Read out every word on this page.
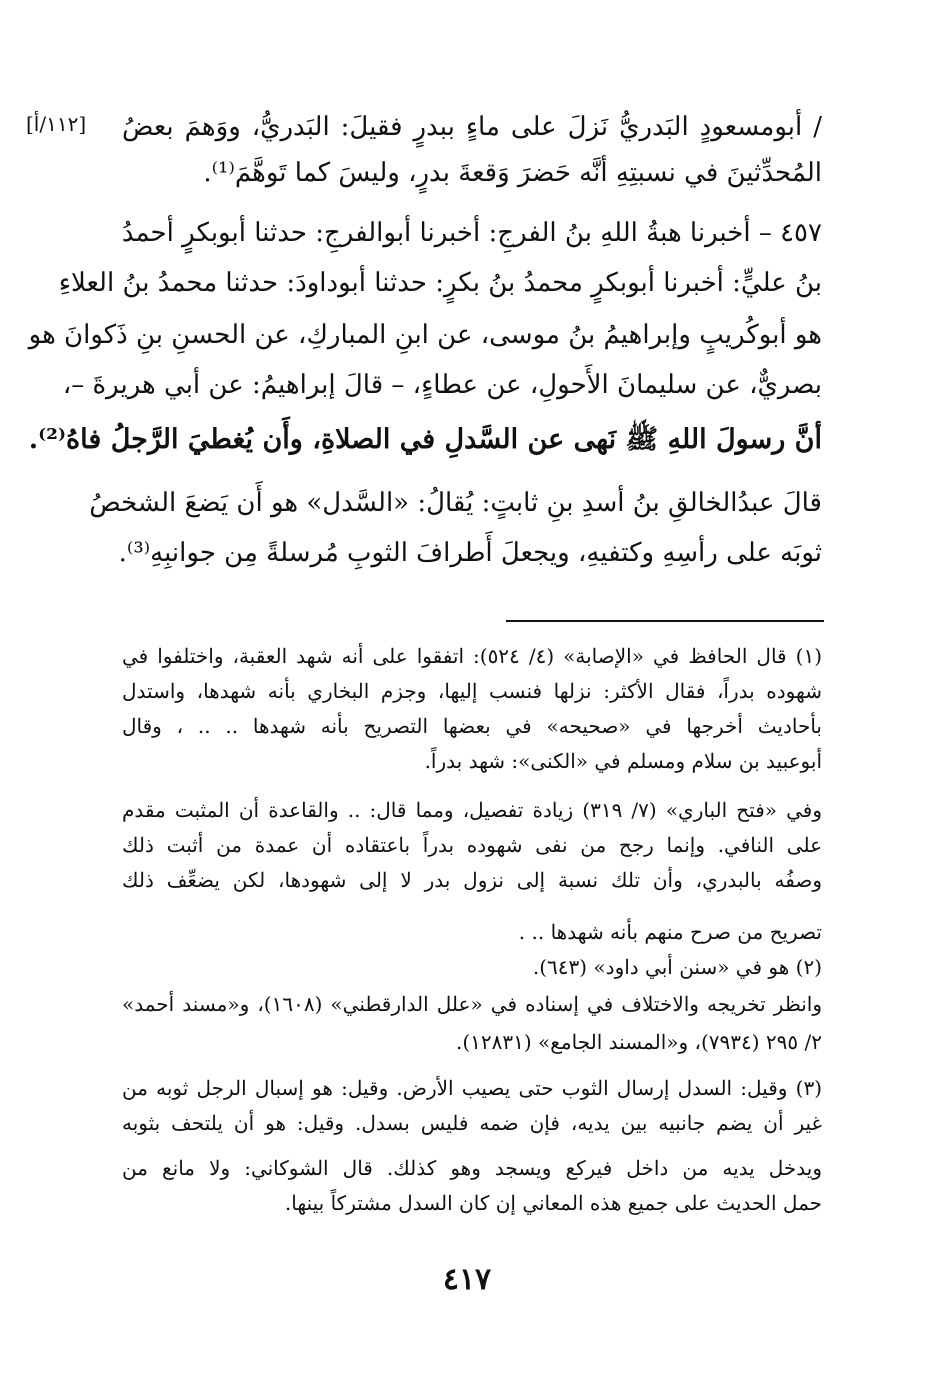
[١١٢/أ] / أبومسعودٍ البَدريُّ نَزلَ على ماءٍ ببدرٍ فقيلَ: البَدريُّ، ووَهمَ بعضُ
المُحدِّثينَ في نسبتِهِ أنَّه حَضرَ وَقعةَ بدرٍ، وليسَ كما تَوهَّمَ⁽¹⁾.
٤٥٧ – أخبرنا هبةُ اللهِ بنُ الفرجِ: أخبرنا أبوالفرجِ: حدثنا أبوبكرٍ أحمدُ
بنُ عليٍّ: أخبرنا أبوبكرٍ محمدُ بنُ بكرٍ: حدثنا أبوداودَ: حدثنا محمدُ بنُ العلاءِ
هو أبوكُريبٍ وإبراهيمُ بنُ موسى، عن ابنِ المباركِ، عن الحسنِ بنِ ذَكوانَ هو
بصريٌّ، عن سليمانَ الأَحولِ، عن عطاءٍ، – قالَ إبراهيمُ: عن أبي هريرةَ –،
أنَّ رسولَ اللهِ ﷺ نَهى عن السَّدلِ في الصلاةِ، وأَن يُغطيَ الرَّجلُ فاهُ⁽²⁾.
قالَ عبدُالخالقِ بنُ أسدِ بنِ ثابتٍ: يُقالُ: «السَّدل» هو أَن يَضعَ الشخصُ
ثوبَه على رأسِهِ وكتفيهِ، ويجعلَ أَطرافَ الثوبِ مُرسلةً مِن جوانبِهِ⁽³⁾.
(١) قال الحافظ في «الإصابة» (٤/ ٥٢٤): اتفقوا على أنه شهد العقبة، واختلفوا في
شهوده بدراً، فقال الأكثر: نزلها فنسب إليها، وجزم البخاري بأنه شهدها، واستدل
بأحاديث أخرجها في «صحيحه» في بعضها التصريح بأنه شهدها .. .. ، وقال
أبوعبيد بن سلام ومسلم في «الكنى»: شهد بدراً.
وفي «فتح الباري» (٧/ ٣١٩) زيادة تفصيل، ومما قال: .. والقاعدة أن المثبت مقدم
على النافي. وإنما رجح من نفى شهوده بدراً باعتقاده أن عمدة من أثبت ذلك
وصفُه بالبدري، وأن تلك نسبة إلى نزول بدر لا إلى شهودها، لكن يضعِّف ذلك
تصريح من صرح منهم بأنه شهدها .. .
(٢) هو في «سنن أبي داود» (٦٤٣).
وانظر تخريجه والاختلاف في إسناده في «علل الدارقطني» (١٦٠٨)، و«مسند أحمد»
٢/ ٢٩٥ (٧٩٣٤)، و«المسند الجامع» (١٢٨٣١).
(٣) وقيل: السدل إرسال الثوب حتى يصيب الأرض. وقيل: هو إسبال الرجل ثوبه من
غير أن يضم جانبيه بين يديه، فإن ضمه فليس بسدل. وقيل: هو أن يلتحف بثوبه
ويدخل يديه من داخل فيركع ويسجد وهو كذلك. قال الشوكاني: ولا مانع من
حمل الحديث على جميع هذه المعاني إن كان السدل مشتركاً بينها.
٤١٧
